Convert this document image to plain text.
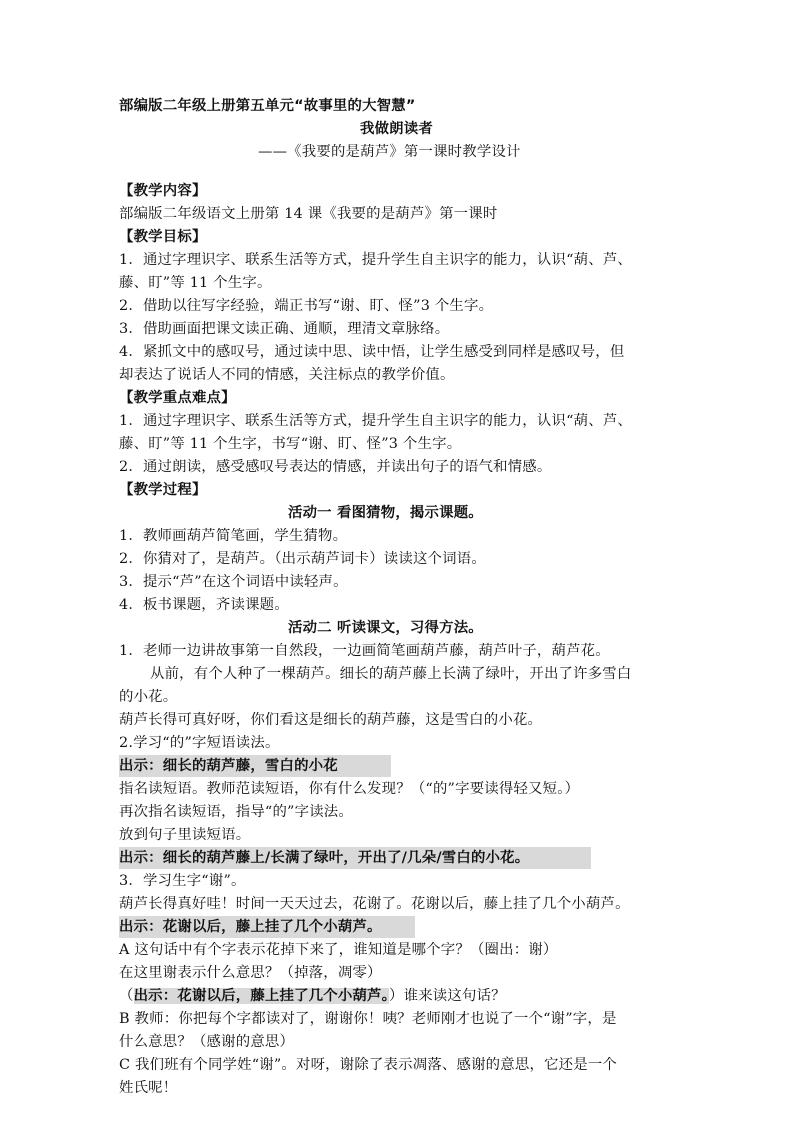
部编版二年级上册第五单元“故事里的大智慧”
我做朗读者
——《我要的是葫芦》第一课时教学设计
【教学内容】
部编版二年级语文上册第 14 课《我要的是葫芦》第一课时
【教学目标】
1．通过字理识字、联系生活等方式，提升学生自主识字的能力，认识“葫、芦、
藤、盯”等 11 个生字。
2．借助以往写字经验，端正书写“谢、盯、怪”3 个生字。
3．借助画面把课文读正确、通顺，理清文章脉络。
4．紧抓文中的感叹号，通过读中思、读中悟，让学生感受到同样是感叹号，但
却表达了说话人不同的情感，关注标点的教学价值。
【教学重点难点】
1．通过字理识字、联系生活等方式，提升学生自主识字的能力，认识“葫、芦、
藤、盯”等 11 个生字，书写“谢、盯、怪”3 个生字。
2．通过朗读，感受感叹号表达的情感，并读出句子的语气和情感。
【教学过程】
活动一 看图猜物，揭示课题。
1．教师画葫芦简笔画，学生猜物。
2．你猜对了，是葫芦。（出示葫芦词卡）读读这个词语。
3．提示“芦”在这个词语中读轻声。
4．板书课题，齐读课题。
活动二 听读课文，习得方法。
1．老师一边讲故事第一自然段，一边画简笔画葫芦藤，葫芦叶子，葫芦花。
从前，有个人种了一棵葫芦。细长的葫芦藤上长满了绿叶，开出了许多雪白
的小花。
葫芦长得可真好呀，你们看这是细长的葫芦藤，这是雪白的小花。
2.学习“的”字短语读法。
出示：细长的葫芦藤，雪白的小花
指名读短语。教师范读短语，你有什么发现？（“的”字要读得轻又短。）
再次指名读短语，指导“的”字读法。
放到句子里读短语。
出示：细长的葫芦藤上/长满了绿叶，开出了/几朵/雪白的小花。
3．学习生字“谢”。
葫芦长得真好哇！时间一天天过去，花谢了。花谢以后，藤上挂了几个小葫芦。
出示：花谢以后，藤上挂了几个小葫芦。
A 这句话中有个字表示花掉下来了，谁知道是哪个字？（圈出：谢）
在这里谢表示什么意思？（掉落，凋零）
（出示：花谢以后，藤上挂了几个小葫芦。）谁来读这句话？
B 教师：你把每个字都读对了，谢谢你！咦？老师刚才也说了一个“谢”字，是
什么意思？（感谢的意思）
C 我们班有个同学姓“谢”。对呀，谢除了表示凋落、感谢的意思，它还是一个
姓氏呢！
